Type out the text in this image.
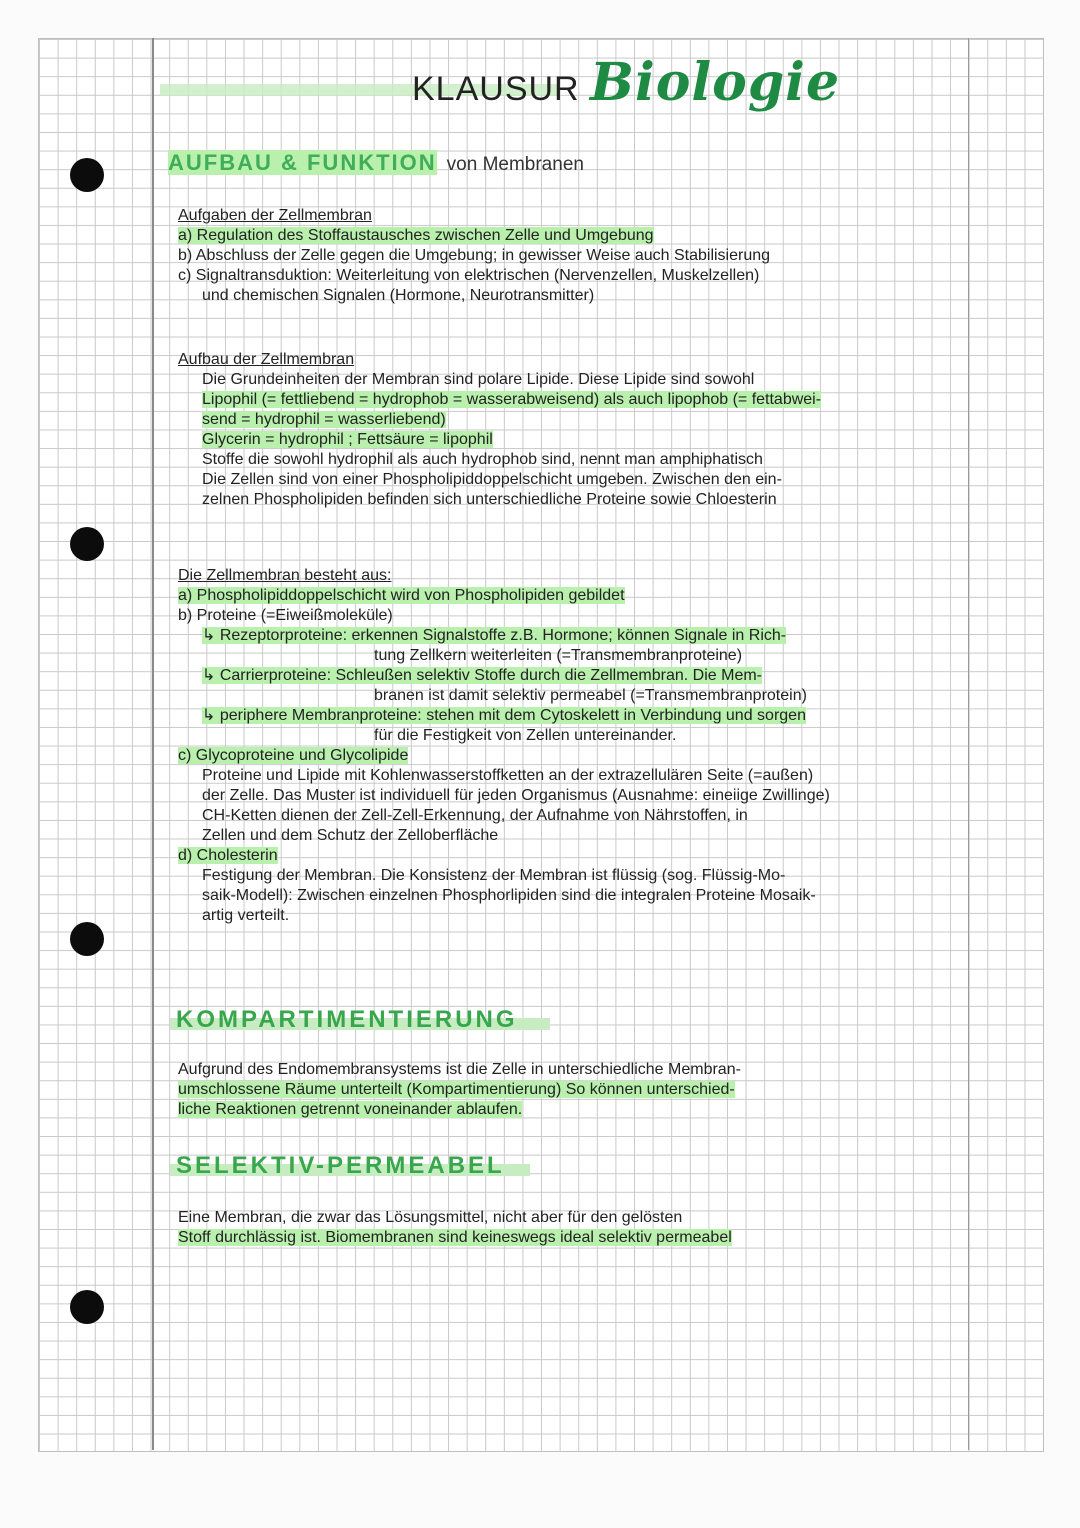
KLAUSUR Biologie
AUFBAU & FUNKTION von Membranen
Aufgaben der Zellmembran
a) Regulation des Stoffaustausches zwischen Zelle und Umgebung
b) Abschluss der Zelle gegen die Umgebung; in gewisser Weise auch Stabilisierung
c) Signaltransduktion: Weiterleitung von elektrischen (Nervenzellen, Muskelzellen)
und chemischen Signalen (Hormone, Neurotransmitter)
Aufbau der Zellmembran
Die Grundeinheiten der Membran sind polare Lipide. Diese Lipide sind sowohl
Lipophil (= fettliebend = hydrophob = wasserabweisend) als auch lipophob (= fettabwei-
send = hydrophil = wasserliebend)
Glycerin = hydrophil ; Fettsäure = lipophil
Stoffe die sowohl hydrophil als auch hydrophob sind, nennt man amphiphatisch
Die Zellen sind von einer Phospholipiddoppelschicht umgeben. Zwischen den ein-
zelnen Phospholipiden befinden sich unterschiedliche Proteine sowie Chloesterin
Die Zellmembran besteht aus:
a) Phospholipiddoppelschicht wird von Phospholipiden gebildet
b) Proteine (=Eiweißmoleküle)
↳ Rezeptorproteine: erkennen Signalstoffe z.B. Hormone; können Signale in Rich-
tung Zellkern weiterleiten (=Transmembranproteine)
↳ Carrierproteine: Schleußen selektiv Stoffe durch die Zellmembran. Die Mem-
branen ist damit selektiv permeabel (=Transmembranprotein)
↳ periphere Membranproteine: stehen mit dem Cytoskelett in Verbindung und sorgen
für die Festigkeit von Zellen untereinander.
c) Glycoproteine und Glycolipide
Proteine und Lipide mit Kohlenwasserstoffketten an der extrazellulären Seite (=außen)
der Zelle. Das Muster ist individuell für jeden Organismus (Ausnahme: eineiige Zwillinge)
CH-Ketten dienen der Zell-Zell-Erkennung, der Aufnahme von Nährstoffen, in
Zellen und dem Schutz der Zelloberfläche
d) Cholesterin
Festigung der Membran. Die Konsistenz der Membran ist flüssig (sog. Flüssig-Mo-
saik-Modell): Zwischen einzelnen Phosphorlipiden sind die integralen Proteine Mosaik-
artig verteilt.
KOMPARTIMENTIERUNG
Aufgrund des Endomembransystems ist die Zelle in unterschiedliche Membran-
umschlossene Räume unterteilt (Kompartimentierung) So können unterschied-
liche Reaktionen getrennt voneinander ablaufen.
SELEKTIV-PERMEABEL
Eine Membran, die zwar das Lösungsmittel, nicht aber für den gelösten
Stoff durchlässig ist. Biomembranen sind keineswegs ideal selektiv permeabel
